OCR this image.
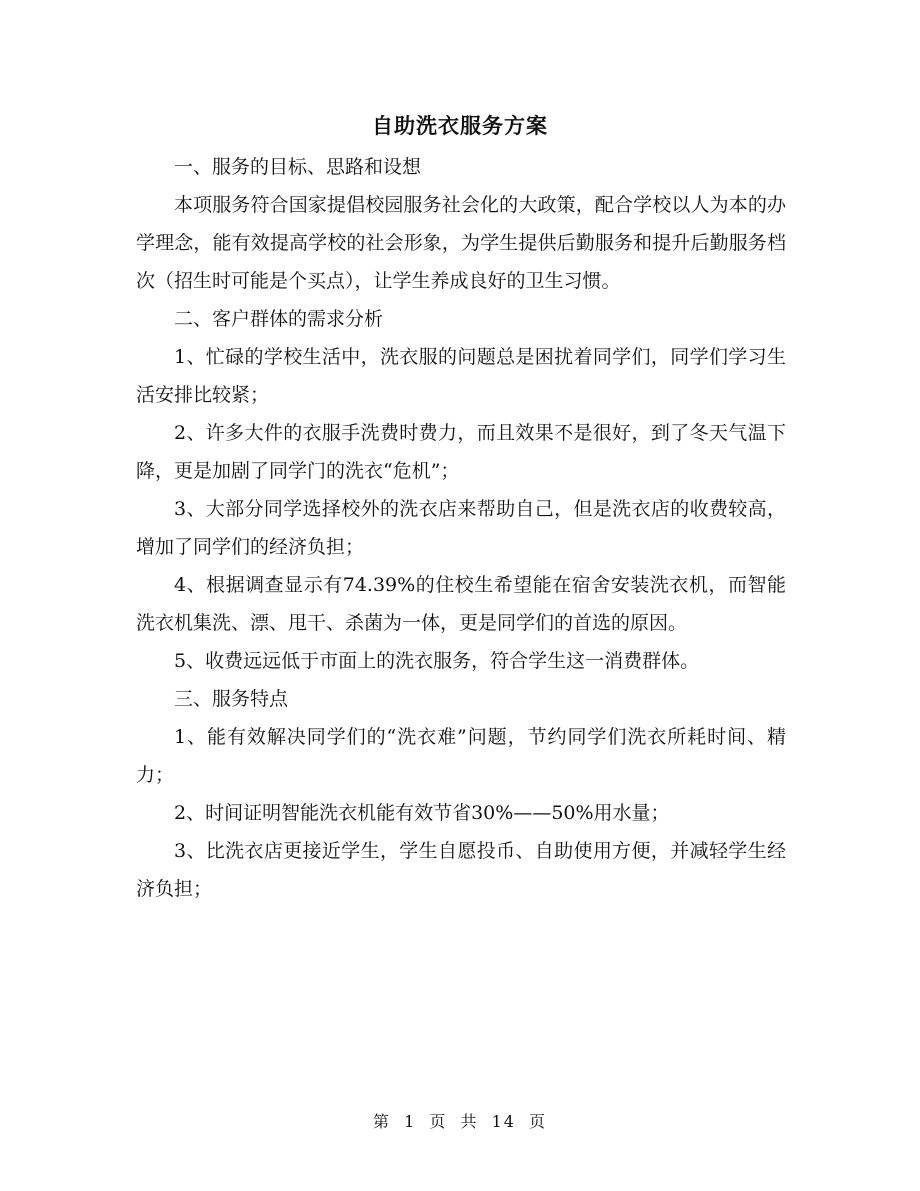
自助洗衣服务方案

一、服务的目标、思路和设想

本项服务符合国家提倡校园服务社会化的大政策，配合学校以人为本的办学理念，能有效提高学校的社会形象，为学生提供后勤服务和提升后勤服务档次（招生时可能是个买点），让学生养成良好的卫生习惯。

二、客户群体的需求分析

1、忙碌的学校生活中，洗衣服的问题总是困扰着同学们，同学们学习生活安排比较紧；

2、许多大件的衣服手洗费时费力，而且效果不是很好，到了冬天气温下降，更是加剧了同学门的洗衣“危机”；

3、大部分同学选择校外的洗衣店来帮助自己，但是洗衣店的收费较高，增加了同学们的经济负担；

4、根据调查显示有74.39%的住校生希望能在宿舍安装洗衣机，而智能洗衣机集洗、漂、甩干、杀菌为一体，更是同学们的首选的原因。

5、收费远远低于市面上的洗衣服务，符合学生这一消费群体。

三、服务特点

1、能有效解决同学们的“洗衣难”问题，节约同学们洗衣所耗时间、精力；

2、时间证明智能洗衣机能有效节省30%——50%用水量；

3、比洗衣店更接近学生，学生自愿投币、自助使用方便，并减轻学生经济负担；

第 1 页 共 14 页
